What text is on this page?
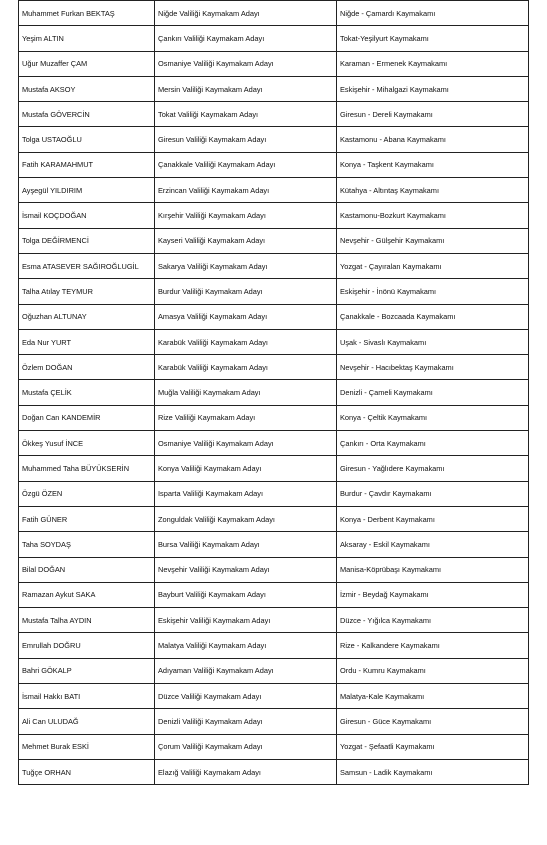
Muhammet Furkan BEKTAŞ	Niğde Valiliği Kaymakam Adayı	Niğde - Çamardı Kaymakamı
Yeşim ALTIN	Çankırı Valiliği Kaymakam Adayı	Tokat-Yeşilyurt Kaymakamı
Uğur Muzaffer ÇAM	Osmaniye Valiliği Kaymakam Adayı	Karaman - Ermenek Kaymakamı
Mustafa AKSOY	Mersin Valiliği Kaymakam Adayı	Eskişehir - Mihalgazi Kaymakamı
Mustafa GÖVERCİN	Tokat Valiliği Kaymakam Adayı	Giresun - Dereli Kaymakamı
Tolga USTAOĞLU	Giresun Valiliği Kaymakam Adayı	Kastamonu - Abana Kaymakamı
Fatih KARAMAHMUT	Çanakkale Valiliği Kaymakam Adayı	Konya - Taşkent Kaymakamı
Ayşegül YILDIRIM	Erzincan Valiliği Kaymakam Adayı	Kütahya - Altıntaş Kaymakamı
İsmail KOÇDOĞAN	Kırşehir Valiliği Kaymakam Adayı	Kastamonu-Bozkurt Kaymakamı
Tolga DEĞİRMENCİ	Kayseri Valiliği Kaymakam Adayı	Nevşehir - Gülşehir Kaymakamı
Esma ATASEVER SAĞIROĞLUGİL	Sakarya Valiliği Kaymakam Adayı	Yozgat - Çayıralan Kaymakamı
Talha Atılay TEYMUR	Burdur Valiliği Kaymakam Adayı	Eskişehir - İnönü Kaymakamı
Oğuzhan ALTUNAY	Amasya Valiliği Kaymakam Adayı	Çanakkale - Bozcaada Kaymakamı
Eda Nur YURT	Karabük Valiliği Kaymakam Adayı	Uşak - Sivaslı Kaymakamı
Özlem DOĞAN	Karabük Valiliği Kaymakam Adayı	Nevşehir - Hacıbektaş Kaymakamı
Mustafa ÇELİK	Muğla Valiliği Kaymakam Adayı	Denizli - Çameli Kaymakamı
Doğan Can KANDEMİR	Rize Valiliği Kaymakam Adayı	Konya - Çeltik Kaymakamı
Ökkeş Yusuf İNCE	Osmaniye Valiliği Kaymakam Adayı	Çankırı - Orta Kaymakamı
Muhammed Taha BÜYÜKSERİN	Konya Valiliği Kaymakam Adayı	Giresun - Yağlıdere Kaymakamı
Özgü ÖZEN	Isparta Valiliği Kaymakam Adayı	Burdur - Çavdır Kaymakamı
Fatih GÜNER	Zonguldak Valiliği Kaymakam Adayı	Konya - Derbent Kaymakamı
Taha SOYDAŞ	Bursa Valiliği Kaymakam Adayı	Aksaray - Eskil Kaymakamı
Bilal DOĞAN	Nevşehir Valiliği Kaymakam Adayı	Manisa-Köprübaşı Kaymakamı
Ramazan Aykut SAKA	Bayburt Valiliği Kaymakam Adayı	İzmir - Beydağ Kaymakamı
Mustafa Talha AYDIN	Eskişehir Valiliği Kaymakam Adayı	Düzce - Yığılca Kaymakamı
Emrullah DOĞRU	Malatya Valiliği Kaymakam Adayı	Rize - Kalkandere Kaymakamı
Bahri GÖKALP	Adıyaman Valiliği Kaymakam Adayı	Ordu - Kumru Kaymakamı
İsmail Hakkı BATI	Düzce Valiliği Kaymakam Adayı	Malatya-Kale Kaymakamı
Ali Can ULUDAĞ	Denizli Valiliği Kaymakam Adayı	Giresun - Güce Kaymakamı
Mehmet Burak ESKİ	Çorum Valiliği Kaymakam Adayı	Yozgat - Şefaatli Kaymakamı
Tuğçe ORHAN	Elazığ Valiliği Kaymakam Adayı	Samsun - Ladik Kaymakamı
